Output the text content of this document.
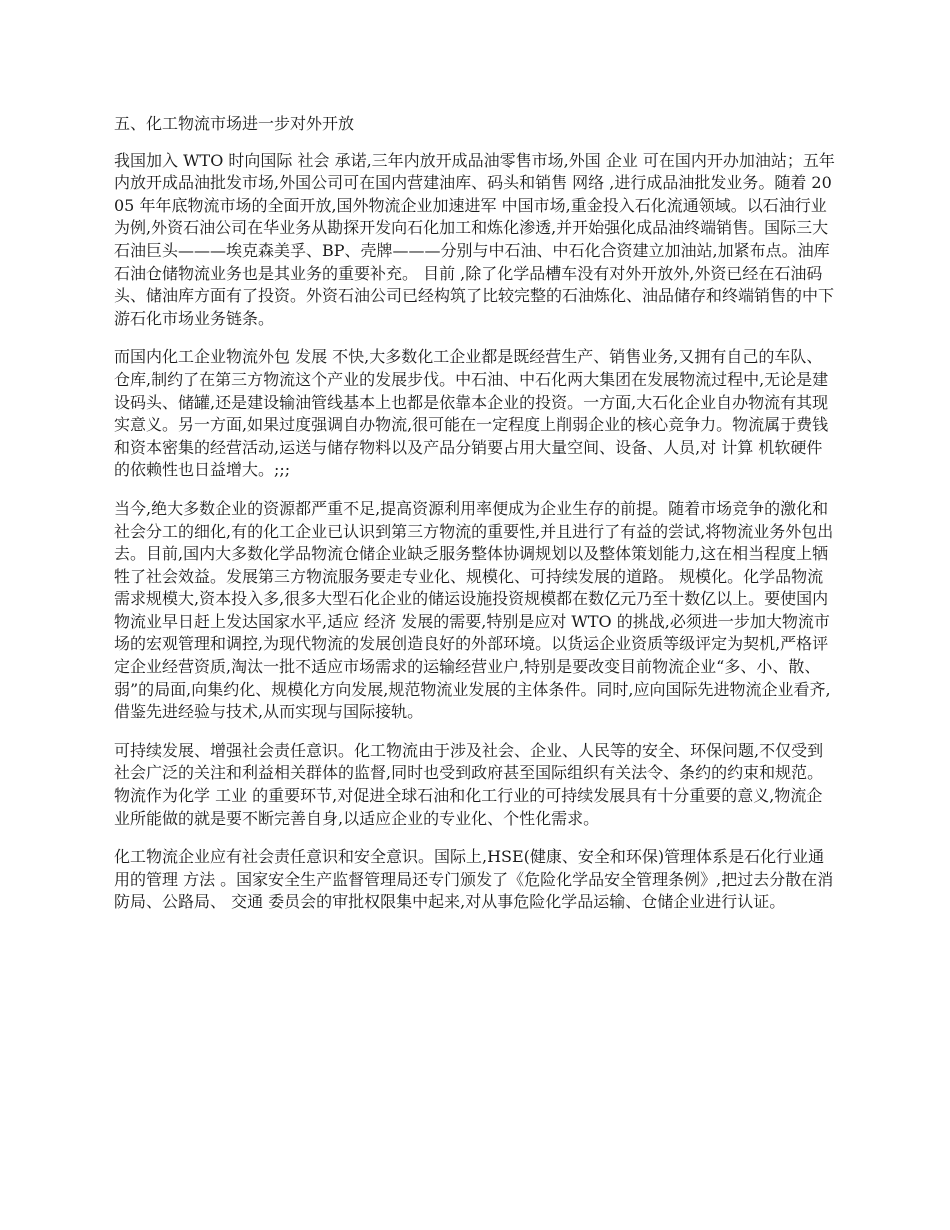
五、化工物流市场进一步对外开放

我国加入 WTO 时向国际 社会 承诺,三年内放开成品油零售市场,外国 企业 可在国内开办加油站；五年内放开成品油批发市场,外国公司可在国内营建油库、码头和销售 网络 ,进行成品油批发业务。随着 2005 年年底物流市场的全面开放,国外物流企业加速进军 中国市场,重金投入石化流通领域。以石油行业为例,外资石油公司在华业务从勘探开发向石化加工和炼化渗透,并开始强化成品油终端销售。国际三大石油巨头———埃克森美孚、BP、壳牌———分别与中石油、中石化合资建立加油站,加紧布点。油库石油仓储物流业务也是其业务的重要补充。 目前 ,除了化学品槽车没有对外开放外,外资已经在石油码头、储油库方面有了投资。外资石油公司已经构筑了比较完整的石油炼化、油品储存和终端销售的中下游石化市场业务链条。

而国内化工企业物流外包 发展 不快,大多数化工企业都是既经营生产、销售业务,又拥有自己的车队、仓库,制约了在第三方物流这个产业的发展步伐。中石油、中石化两大集团在发展物流过程中,无论是建设码头、储罐,还是建设输油管线基本上也都是依靠本企业的投资。一方面,大石化企业自办物流有其现实意义。另一方面,如果过度强调自办物流,很可能在一定程度上削弱企业的核心竞争力。物流属于费钱和资本密集的经营活动,运送与储存物料以及产品分销要占用大量空间、设备、人员,对 计算 机软硬件的依赖性也日益增大。;;;

当今,绝大多数企业的资源都严重不足,提高资源利用率便成为企业生存的前提。随着市场竞争的激化和社会分工的细化,有的化工企业已认识到第三方物流的重要性,并且进行了有益的尝试,将物流业务外包出去。目前,国内大多数化学品物流仓储企业缺乏服务整体协调规划以及整体策划能力,这在相当程度上牺牲了社会效益。发展第三方物流服务要走专业化、规模化、可持续发展的道路。 规模化。化学品物流需求规模大,资本投入多,很多大型石化企业的储运设施投资规模都在数亿元乃至十数亿以上。要使国内物流业早日赶上发达国家水平,适应 经济 发展的需要,特别是应对 WTO 的挑战,必须进一步加大物流市场的宏观管理和调控,为现代物流的发展创造良好的外部环境。以货运企业资质等级评定为契机,严格评定企业经营资质,淘汰一批不适应市场需求的运输经营业户,特别是要改变目前物流企业“多、小、散、弱”的局面,向集约化、规模化方向发展,规范物流业发展的主体条件。同时,应向国际先进物流企业看齐,借鉴先进经验与技术,从而实现与国际接轨。

可持续发展、增强社会责任意识。化工物流由于涉及社会、企业、人民等的安全、环保问题,不仅受到社会广泛的关注和利益相关群体的监督,同时也受到政府甚至国际组织有关法令、条约的约束和规范。物流作为化学 工业 的重要环节,对促进全球石油和化工行业的可持续发展具有十分重要的意义,物流企业所能做的就是要不断完善自身,以适应企业的专业化、个性化需求。

化工物流企业应有社会责任意识和安全意识。国际上,HSE(健康、安全和环保)管理体系是石化行业通用的管理 方法 。国家安全生产监督管理局还专门颁发了《危险化学品安全管理条例》,把过去分散在消防局、公路局、 交通 委员会的审批权限集中起来,对从事危险化学品运输、仓储企业进行认证。
